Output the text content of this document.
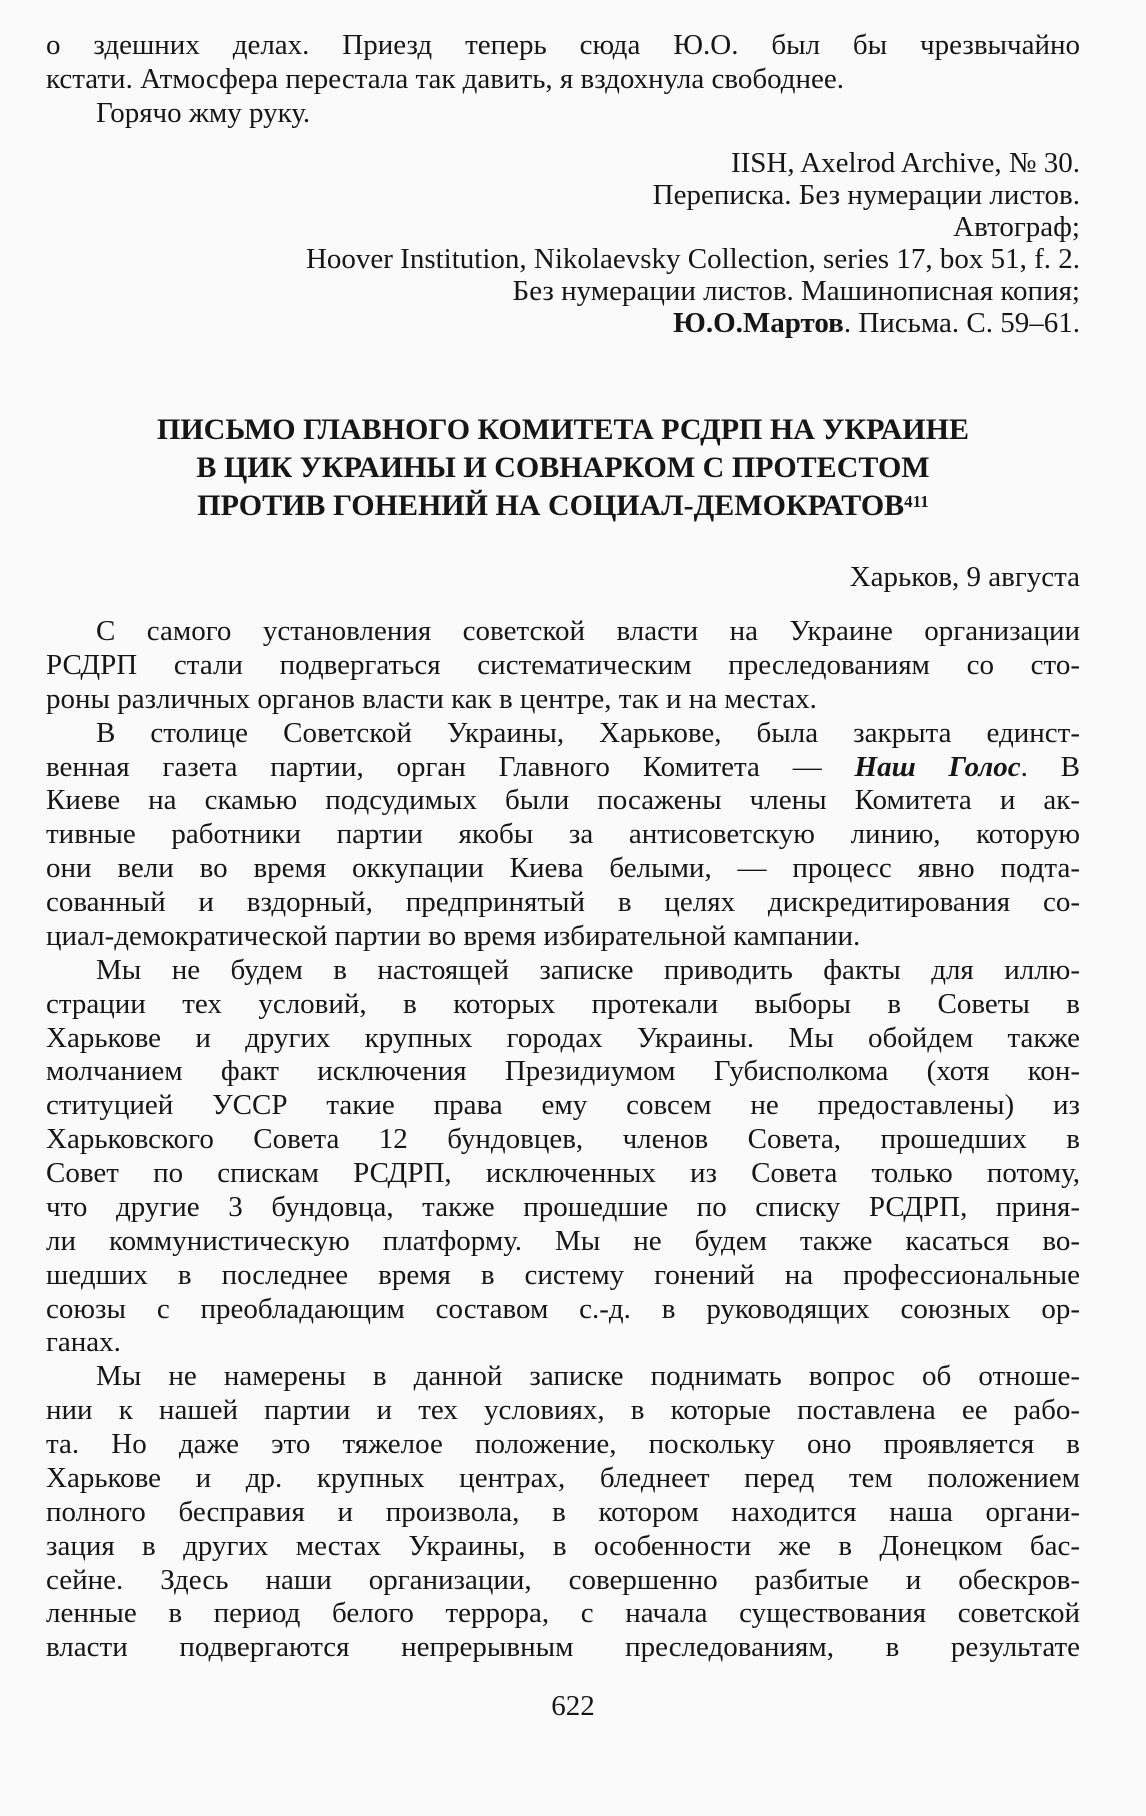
о здешних делах. Приезд теперь сюда Ю.О. был бы чрезвычайно
кстати. Атмосфера перестала так давить, я вздохнула свободнее.
Горячо жму руку.
IISH, Axelrod Archive, № 30.
Переписка. Без нумерации листов.
Автограф;
Hoover Institution, Nikolaevsky Collection, series 17, box 51, f. 2.
Без нумерации листов. Машинописная копия;
Ю.О.Мартов. Письма. С. 59–61.
ПИСЬМО ГЛАВНОГО КОМИТЕТА РСДРП НА УКРАИНЕ
В ЦИК УКРАИНЫ И СОВНАРКОМ С ПРОТЕСТОМ
ПРОТИВ ГОНЕНИЙ НА СОЦИАЛ-ДЕМОКРАТОВ$^{411}$
Харьков, 9 августа
С самого установления советской власти на Украине организации
РСДРП стали подвергаться систематическим преследованиям со сто-
роны различных органов власти как в центре, так и на местах.
В столице Советской Украины, Харькове, была закрыта единст-
венная газета партии, орган Главного Комитета — Наш Голос. В
Киеве на скамью подсудимых были посажены члены Комитета и ак-
тивные работники партии якобы за антисоветскую линию, которую
они вели во время оккупации Киева белыми, — процесс явно подта-
сованный и вздорный, предпринятый в целях дискредитирования со-
циал-демократической партии во время избирательной кампании.
Мы не будем в настоящей записке приводить факты для иллю-
страции тех условий, в которых протекали выборы в Советы в
Харькове и других крупных городах Украины. Мы обойдем также
молчанием факт исключения Президиумом Губисполкома (хотя кон-
ституцией УССР такие права ему совсем не предоставлены) из
Харьковского Совета 12 бундовцев, членов Совета, прошедших в
Совет по спискам РСДРП, исключенных из Совета только потому,
что другие 3 бундовца, также прошедшие по списку РСДРП, приня-
ли коммунистическую платформу. Мы не будем также касаться во-
шедших в последнее время в систему гонений на профессиональные
союзы с преобладающим составом с.-д. в руководящих союзных ор-
ганах.
Мы не намерены в данной записке поднимать вопрос об отноше-
нии к нашей партии и тех условиях, в которые поставлена ее рабо-
та. Но даже это тяжелое положение, поскольку оно проявляется в
Харькове и др. крупных центрах, бледнеет перед тем положением
полного бесправия и произвола, в котором находится наша органи-
зация в других местах Украины, в особенности же в Донецком бас-
сейне. Здесь наши организации, совершенно разбитые и обескров-
ленные в период белого террора, с начала существования советской
власти подвергаются непрерывным преследованиям, в результате
622
